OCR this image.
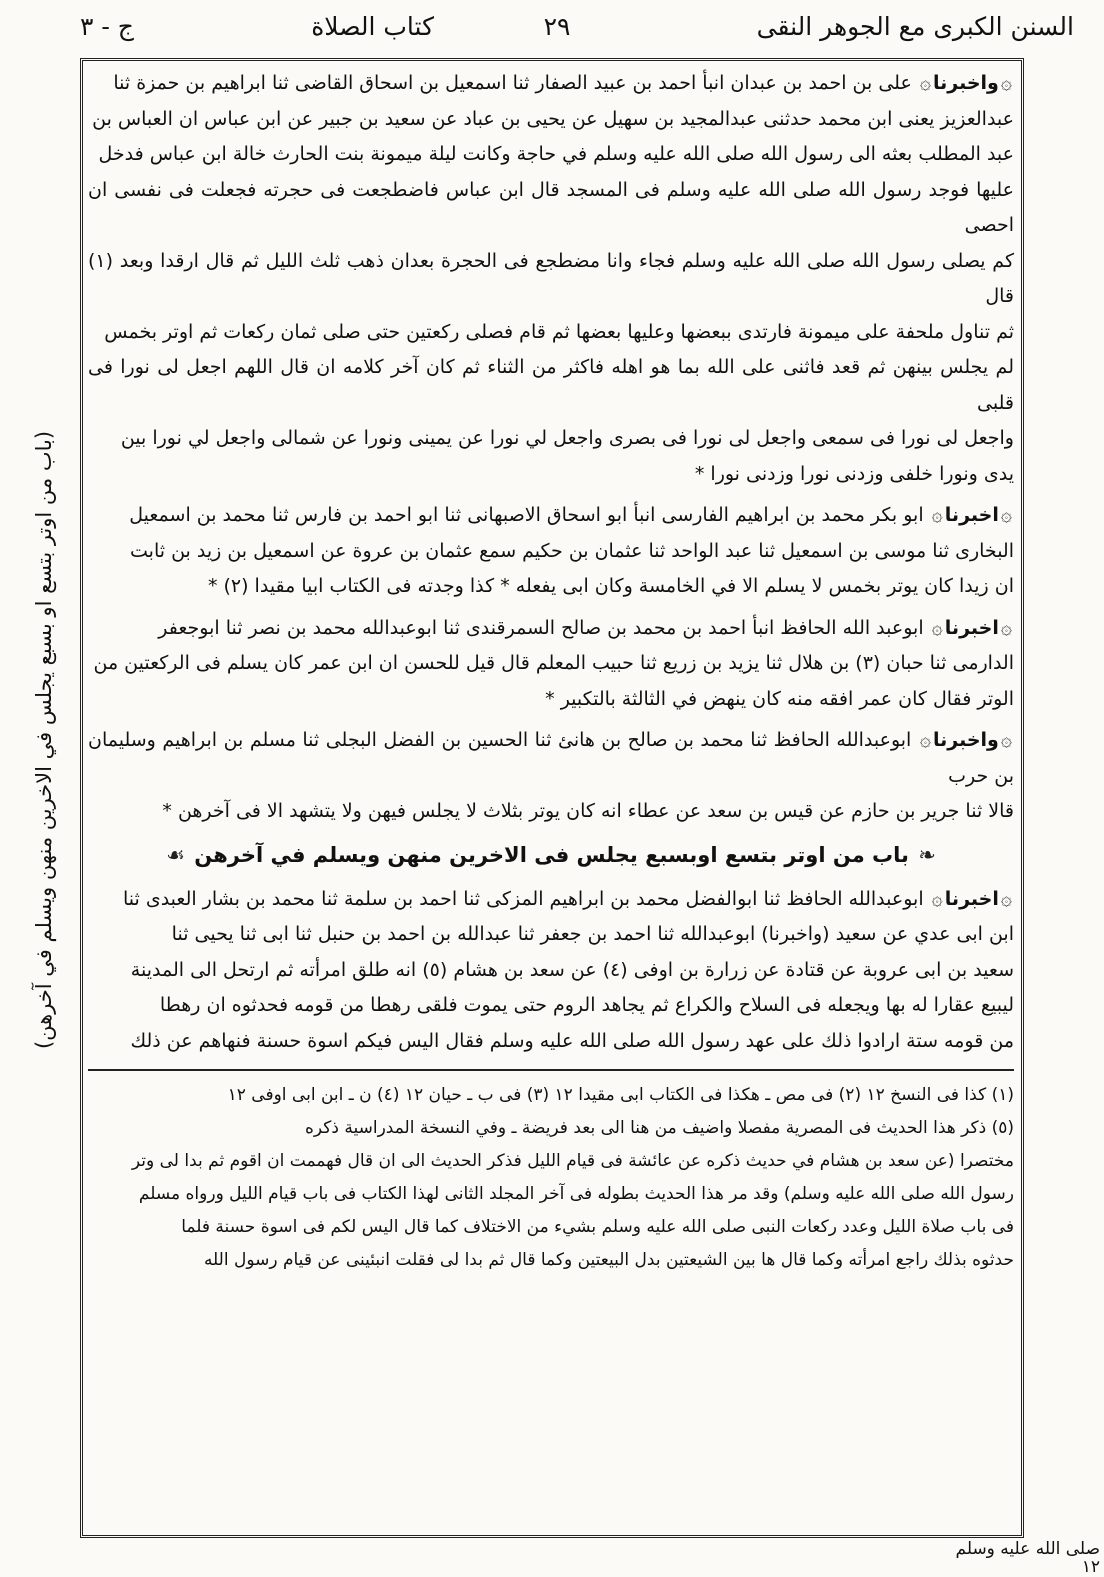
السنن الكبرى مع الجوهر النقى
٢٩
كتاب الصلاة
ج - ٣
(باب من اوتر بتسع او بسبع يجلس في الاخرين منهن ويسلم في آخرهن)

۞واخبرنا۞ على بن احمد بن عبدان انبأ احمد بن عبيد الصفار ثنا اسمعيل بن اسحاق القاضى ثنا ابراهيم بن حمزة ثنا

عبدالعزيز يعنى ابن محمد حدثنى عبدالمجيد بن سهيل عن يحيى بن عباد عن سعيد بن جبير عن ابن عباس ان العباس بن

عبد المطلب بعثه الى رسول الله صلى الله عليه وسلم في حاجة وكانت ليلة ميمونة بنت الحارث خالة ابن عباس فدخل

عليها فوجد رسول الله صلى الله عليه وسلم فى المسجد قال ابن عباس فاضطجعت فى حجرته فجعلت فى نفسى ان احصى

كم يصلى رسول الله صلى الله عليه وسلم فجاء وانا مضطجع فى الحجرة بعدان ذهب ثلث الليل ثم قال ارقدا وبعد (١) قال

ثم تناول ملحفة على ميمونة فارتدى ببعضها وعليها بعضها ثم قام فصلى ركعتين حتى صلى ثمان ركعات ثم اوتر بخمس

لم يجلس بينهن ثم قعد فاثنى على الله بما هو اهله فاكثر من الثناء ثم كان آخر كلامه ان قال اللهم اجعل لى نورا فى قلبى

واجعل لى نورا فى سمعى واجعل لى نورا فى بصرى واجعل لي نورا عن يمينى ونورا عن شمالى واجعل لي نورا بين

يدى ونورا خلفى وزدنى نورا وزدنى نورا *

۞اخبرنا۞ ابو بكر محمد بن ابراهيم الفارسى انبأ ابو اسحاق الاصبهانى ثنا ابو احمد بن فارس ثنا محمد بن اسمعيل

البخارى ثنا موسى بن اسمعيل ثنا عبد الواحد ثنا عثمان بن حكيم سمع عثمان بن عروة عن اسمعيل بن زيد بن ثابت

ان زيدا كان يوتر بخمس لا يسلم الا في الخامسة وكان ابى يفعله * كذا وجدته فى الكتاب ابيا مقيدا (٢) *

۞اخبرنا۞ ابوعبد الله الحافظ انبأ احمد بن محمد بن صالح السمرقندى ثنا ابوعبدالله محمد بن نصر ثنا ابوجعفر

الدارمى ثنا حبان (٣) بن هلال ثنا يزيد بن زريع ثنا حبيب المعلم قال قيل للحسن ان ابن عمر كان يسلم فى الركعتين من

الوتر فقال كان عمر افقه منه كان ينهض في الثالثة بالتكبير *

۞واخبرنا۞ ابوعبدالله الحافظ ثنا محمد بن صالح بن هانئ ثنا الحسين بن الفضل البجلى ثنا مسلم بن ابراهيم وسليمان بن حرب

قالا ثنا جرير بن حازم عن قيس بن سعد عن عطاء انه كان يوتر بثلاث لا يجلس فيهن ولا يتشهد الا فى آخرهن *

❧ باب من اوتر بتسع اوبسبع يجلس فى الاخرين منهن ويسلم في آخرهن ☙

۞اخبرنا۞ ابوعبدالله الحافظ ثنا ابوالفضل محمد بن ابراهيم المزكى ثنا احمد بن سلمة ثنا محمد بن بشار العبدى ثنا

ابن ابى عدي عن سعيد (واخبرنا) ابوعبدالله ثنا احمد بن جعفر ثنا عبدالله بن احمد بن حنبل ثنا ابى ثنا يحيى ثنا

سعيد بن ابى عروبة عن قتادة عن زرارة بن اوفى (٤) عن سعد بن هشام (٥) انه طلق امرأته ثم ارتحل الى المدينة

ليبيع عقارا له بها ويجعله فى السلاح والكراع ثم يجاهد الروم حتى يموت فلقى رهطا من قومه فحدثوه ان رهطا

من قومه ستة ارادوا ذلك على عهد رسول الله صلى الله عليه وسلم فقال اليس فيكم اسوة حسنة فنهاهم عن ذلك

(١) كذا فى النسخ ١٢ (٢) فى مص ـ هكذا فى الكتاب ابى مقيدا ١٢ (٣) فى ب ـ حيان ١٢ (٤) ن ـ ابن ابى اوفى ١٢

(٥) ذكر هذا الحديث فى المصرية مفصلا واضيف من هنا الى بعد فريضة ـ وفي النسخة المدراسية ذكره

مختصرا (عن سعد بن هشام في حديث ذكره عن عائشة فى قيام الليل فذكر الحديث الى ان قال فهممت ان اقوم ثم بدا لى وتر

رسول الله صلى الله عليه وسلم) وقد مر هذا الحديث بطوله فى آخر المجلد الثانى لهذا الكتاب فى باب قيام الليل ورواه مسلم

فى باب صلاة الليل وعدد ركعات النبى صلى الله عليه وسلم بشيء من الاختلاف كما قال اليس لكم فى اسوة حسنة فلما

حدثوه بذلك راجع امرأته وكما قال ها بين الشيعتين بدل البيعتين وكما قال ثم بدا لى فقلت انبئينى عن قيام رسول الله

صلى الله عليه وسلم ١٢
